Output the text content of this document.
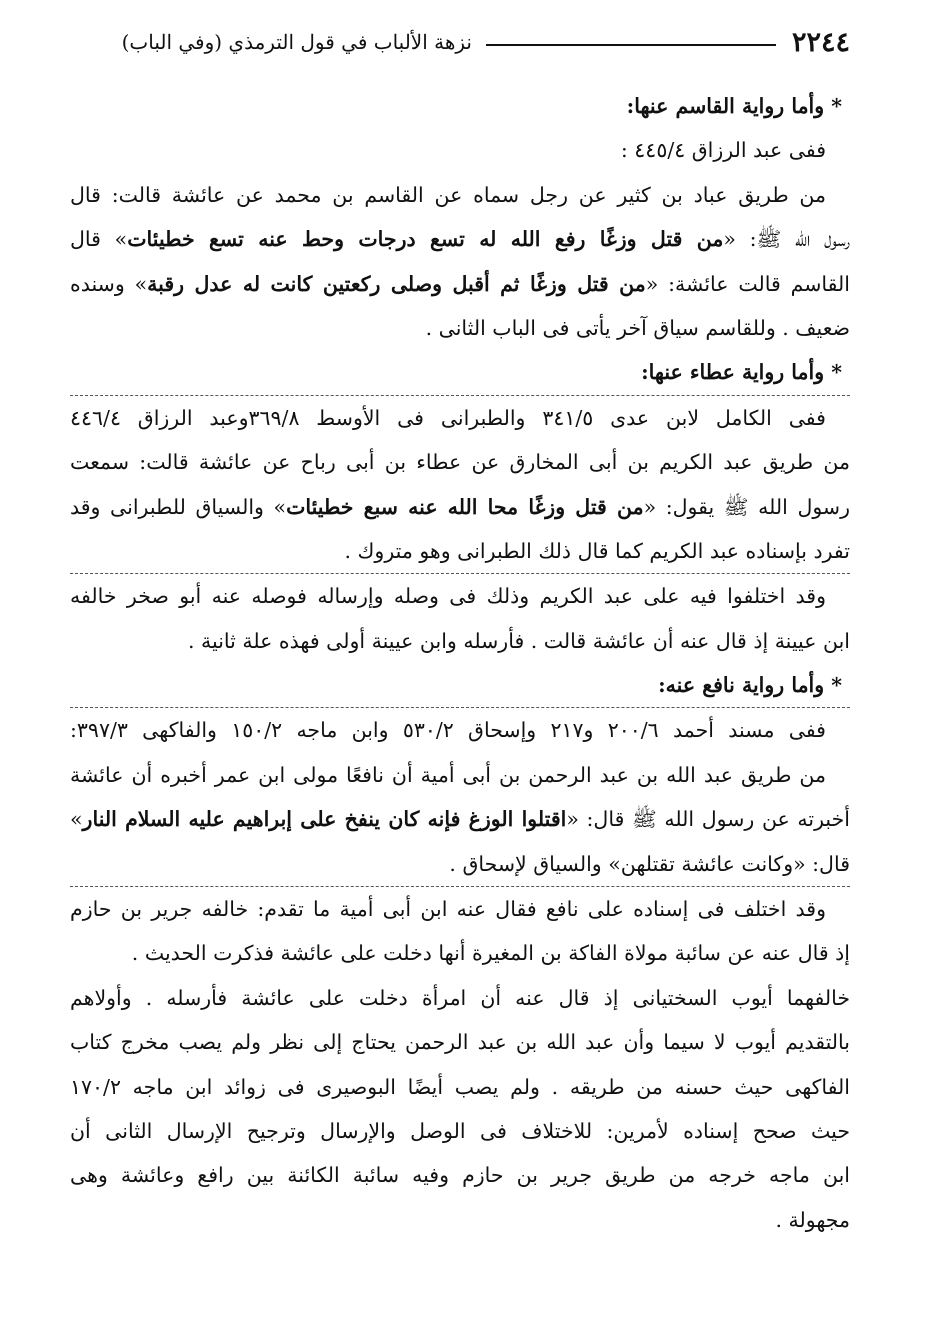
٢٢٤٤
نزهة الألباب في قول الترمذي (وفي الباب)
* وأما رواية القاسم عنها:
ففى عبد الرزاق ٤٤٥/٤ :
من طريق عباد بن كثير عن رجل سماه عن القاسم بن محمد عن عائشة قالت: قال
رسول الله ﷺ: «من قتل وزغًا رفع الله له تسع درجات وحط عنه تسع خطيئات» قال
القاسم قالت عائشة: «من قتل وزغًا ثم أقبل وصلى ركعتين كانت له عدل رقبة» وسنده
ضعيف . وللقاسم سياق آخر يأتى فى الباب الثانى .
* وأما رواية عطاء عنها:
ففى الكامل لابن عدى ٣٤١/٥ والطبرانى فى الأوسط ٣٦٩/٨وعبد الرزاق ٤٤٦/٤
من طريق عبد الكريم بن أبى المخارق عن عطاء بن أبى رباح عن عائشة قالت: سمعت
رسول الله ﷺ يقول: «من قتل وزغًا محا الله عنه سبع خطيئات» والسياق للطبرانى وقد
تفرد بإسناده عبد الكريم كما قال ذلك الطبرانى وهو متروك .
وقد اختلفوا فيه على عبد الكريم وذلك فى وصله وإرساله فوصله عنه أبو صخر خالفه
ابن عيينة إذ قال عنه أن عائشة قالت . فأرسله وابن عيينة أولى فهذه علة ثانية .
* وأما رواية نافع عنه:
ففى مسند أحمد ٢٠٠/٦ و٢١٧ وإسحاق ٥٣٠/٢ وابن ماجه ١٥٠/٢ والفاكهى ٣٩٧/٣:
من طريق عبد الله بن عبد الرحمن بن أبى أمية أن نافعًا مولى ابن عمر أخبره أن عائشة
أخبرته عن رسول الله ﷺ قال: «اقتلوا الوزغ فإنه كان ينفخ على إبراهيم عليه السلام النار»
قال: «وكانت عائشة تقتلهن» والسياق لإسحاق .
وقد اختلف فى إسناده على نافع فقال عنه ابن أبى أمية ما تقدم: خالفه جرير بن حازم
إذ قال عنه عن سائبة مولاة الفاكة بن المغيرة أنها دخلت على عائشة فذكرت الحديث .
خالفهما أيوب السختيانى إذ قال عنه أن امرأة دخلت على عائشة فأرسله . وأولاهم
بالتقديم أيوب لا سيما وأن عبد الله بن عبد الرحمن يحتاج إلى نظر ولم يصب مخرج كتاب
الفاكهى حيث حسنه من طريقه . ولم يصب أيضًا البوصيرى فى زوائد ابن ماجه ١٧٠/٢
حيث صحح إسناده لأمرين: للاختلاف فى الوصل والإرسال وترجيح الإرسال الثانى أن
ابن ماجه خرجه من طريق جرير بن حازم وفيه سائبة الكائنة بين رافع وعائشة وهى
مجهولة .
